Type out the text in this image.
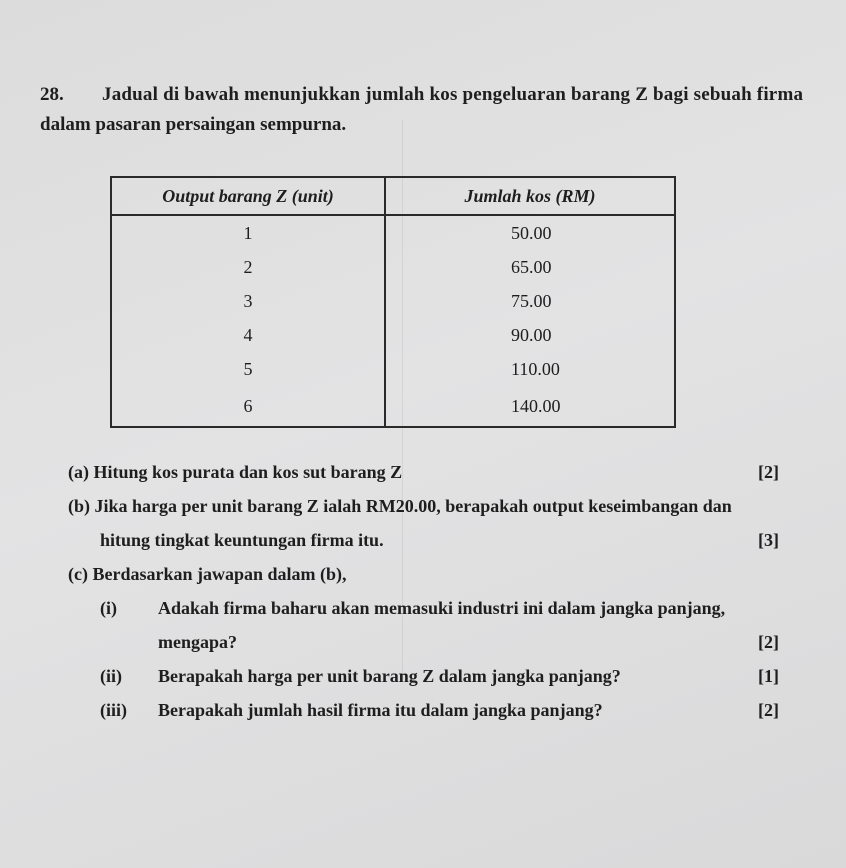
28. Jadual di bawah menunjukkan jumlah kos pengeluaran barang Z bagi sebuah firma
dalam pasaran persaingan sempurna.
Output barang Z (unit)	Jumlah kos (RM)
1	50.00
2	65.00
3	75.00
4	90.00
5	110.00
6	140.00
(a) Hitung kos purata dan kos sut barang Z	[2]
(b) Jika harga per unit barang Z ialah RM20.00, berapakah output keseimbangan dan
hitung tingkat keuntungan firma itu.	[3]
(c) Berdasarkan jawapan dalam (b),
(i) Adakah firma baharu akan memasuki industri ini dalam jangka panjang,
mengapa?	[2]
(ii) Berapakah harga per unit barang Z dalam jangka panjang?	[1]
(iii) Berapakah jumlah hasil firma itu dalam jangka panjang?	[2]
